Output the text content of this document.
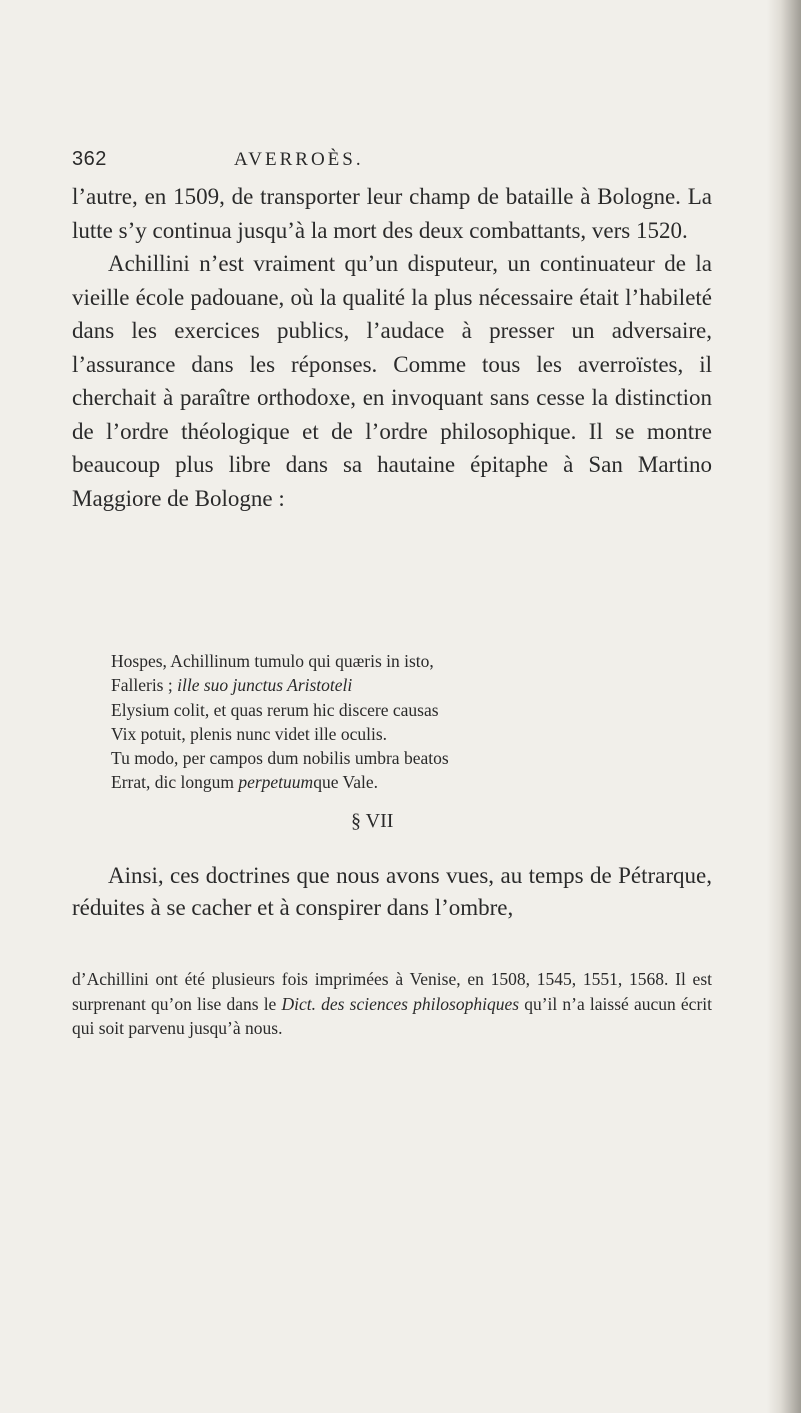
362	AVERROÈS.

l’autre, en 1509, de transporter leur champ de bataille à Bologne. La lutte s’y continua jusqu’à la mort des deux combattants, vers 1520.

Achillini n’est vraiment qu’un disputeur, un continuateur de la vieille école padouane, où la qualité la plus nécessaire était l’habileté dans les exercices publics, l’audace à presser un adversaire, l’assurance dans les réponses. Comme tous les averroïstes, il cherchait à paraître orthodoxe, en invoquant sans cesse la distinction de l’ordre théologique et de l’ordre philosophique. Il se montre beaucoup plus libre dans sa hautaine épitaphe à San Martino Maggiore de Bologne :

Hospes, Achillinum tumulo qui quæris in isto,
Falleris ; ille suo junctus Aristoteli
Elysium colit, et quas rerum hic discere causas
Vix potuit, plenis nunc videt ille oculis.
Tu modo, per campos dum nobilis umbra beatos
Errat, dic longum perpetuumque Vale.
§ VII

Ainsi, ces doctrines que nous avons vues, au temps de Pétrarque, réduites à se cacher et à conspirer dans l’ombre,

d’Achillini ont été plusieurs fois imprimées à Venise, en 1508, 1545, 1551, 1568. Il est surprenant qu’on lise dans le Dict. des sciences philosophiques qu’il n’a laissé aucun écrit qui soit parvenu jusqu’à nous.
